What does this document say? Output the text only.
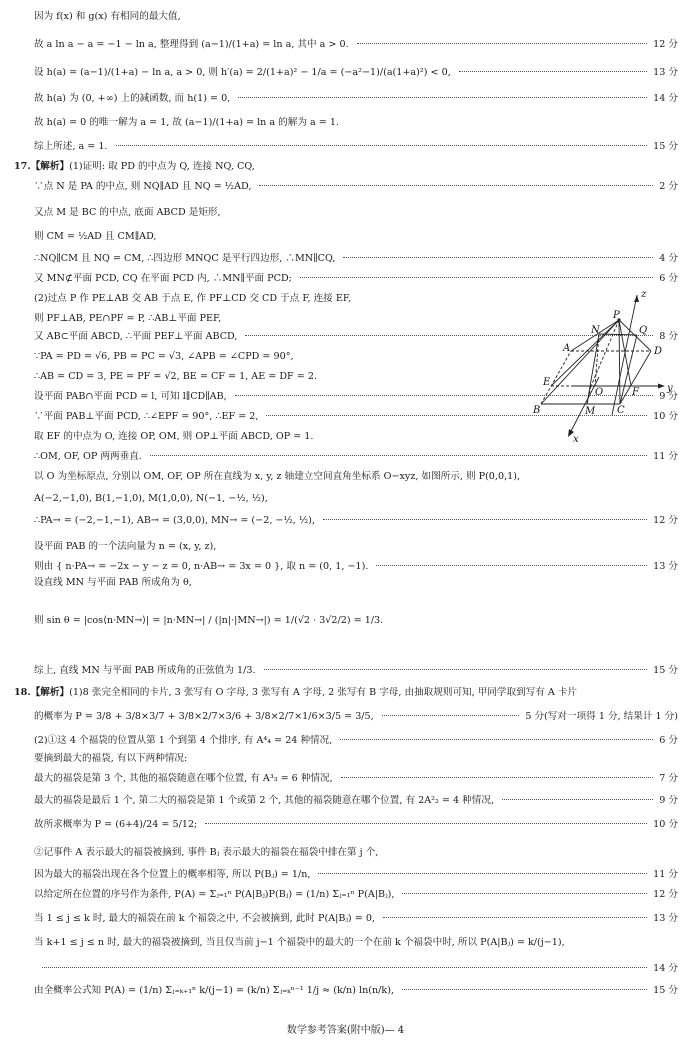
因为 f(x) 和 g(x) 有相同的最大值,
故 a ln a − a = −1 − ln a, 整理得到 (a−1)/(1+a) = ln a, 其中 a > 0.	12 分
设 h(a) = (a−1)/(1+a) − ln a, a > 0, 则 h′(a) = 2/(1+a)² − 1/a = (−a²−1)/(a(1+a)²) < 0,	13 分
故 h(a) 为 (0, +∞) 上的减函数, 而 h(1) = 0,	14 分
故 h(a) = 0 的唯一解为 a = 1, 故 (a−1)/(1+a) = ln a 的解为 a = 1.
综上所述, a = 1.	15 分
17. 【解析】 (1)证明: 取 PD 的中点为 Q, 连接 NQ, CQ,
∵点 N 是 PA 的中点, 则 NQ∥AD 且 NQ = ½AD,	2 分
又点 M 是 BC 的中点, 底面 ABCD 是矩形,
则 CM = ½AD 且 CM∥AD,
∴NQ∥CM 且 NQ = CM, ∴四边形 MNQC 是平行四边形, ∴MN∥CQ,	4 分
又 MN⊄平面 PCD, CQ 在平面 PCD 内, ∴MN∥平面 PCD;	6 分
(2)过点 P 作 PE⊥AB 交 AB 于点 E, 作 PF⊥CD 交 CD 于点 F, 连接 EF,
则 PF⊥AB, PE∩PF = P, ∴AB⊥平面 PEF,
又 AB⊂平面 ABCD, ∴平面 PEF⊥平面 ABCD,	8 分
∵PA = PD = √6, PB = PC = √3, ∠APB = ∠CPD = 90°,
∴AB = CD = 3, PE = PF = √2, BE = CF = 1, AE = DF = 2.
设平面 PAB∩平面 PCD = l, 可知 l∥CD∥AB,	9 分
∵平面 PAB⊥平面 PCD, ∴∠EPF = 90°, ∴EF = 2,	10 分
取 EF 的中点为 O, 连接 OP, OM, 则 OP⊥平面 ABCD, OP = 1.
∴OM, OF, OP 两两垂直.	11 分
以 O 为坐标原点, 分别以 OM, OF, OP 所在直线为 x, y, z 轴建立空间直角坐标系 O−xyz, 如图所示, 则 P(0,0,1),
A(−2,−1,0), B(1,−1,0), M(1,0,0), N(−1, −½, ½),
∴PA→ = (−2,−1,−1), AB→ = (3,0,0), MN→ = (−2, −½, ½),	12 分
设平面 PAB 的一个法向量为 n = (x, y, z),
则由 { n·PA→ = −2x − y − z = 0, n·AB→ = 3x = 0 }, 取 n = (0, 1, −1).	13 分
设直线 MN 与平面 PAB 所成角为 θ,
则 sin θ = |cos⟨n·MN→⟩| = |n·MN→| / (|n|·|MN→|) = 1/(√2 · 3√2/2) = 1/3.
综上, 直线 MN 与平面 PAB 所成角的正弦值为 1/3.	15 分
18. 【解析】 (1)8 张完全相同的卡片, 3 张写有 O 字母, 3 张写有 A 字母, 2 张写有 B 字母, 由抽取规则可知, 甲同学取到写有 A 卡片
的概率为 P = 3/8 + 3/8×3/7 + 3/8×2/7×3/6 + 3/8×2/7×1/6×3/5 = 3/5,	5 分(写对一项得 1 分, 结果计 1 分)
(2)①这 4 个福袋的位置从第 1 个到第 4 个排序, 有 A⁴₄ = 24 种情况,	6 分
要摘到最大的福袋, 有以下两种情况:
最大的福袋是第 3 个, 其他的福袋随意在哪个位置, 有 A³₃ = 6 种情况,	7 分
最大的福袋是最后 1 个, 第二大的福袋是第 1 个或第 2 个, 其他的福袋随意在哪个位置, 有 2A²₂ = 4 种情况,	9 分
故所求概率为 P = (6+4)/24 = 5/12;	10 分
②记事件 A 表示最大的福袋被摘到, 事件 Bⱼ 表示最大的福袋在福袋中排在第 j 个,
因为最大的福袋出现在各个位置上的概率相等, 所以 P(Bⱼ) = 1/n,	11 分
以给定所在位置的序号作为条件, P(A) = Σⱼ₌₁ⁿ P(A|Bⱼ)P(Bⱼ) = (1/n) Σⱼ₌₁ⁿ P(A|Bⱼ),	12 分
当 1 ≤ j ≤ k 时, 最大的福袋在前 k 个福袋之中, 不会被摘到, 此时 P(A|Bⱼ) = 0,	13 分
当 k+1 ≤ j ≤ n 时, 最大的福袋被摘到, 当且仅当前 j−1 个福袋中的最大的一个在前 k 个福袋中时, 所以 P(A|Bⱼ) = k/(j−1),
14 分
由全概率公式知 P(A) = (1/n) Σⱼ₌ₖ₊₁ⁿ k/(j−1) = (k/n) Σⱼ₌ₖⁿ⁻¹ 1/j ≈ (k/n) ln(n/k),	15 分
z
P
N	Q
A	D
E
O	F	y
B	M C
x
数学参考答案(附中版)— 4
